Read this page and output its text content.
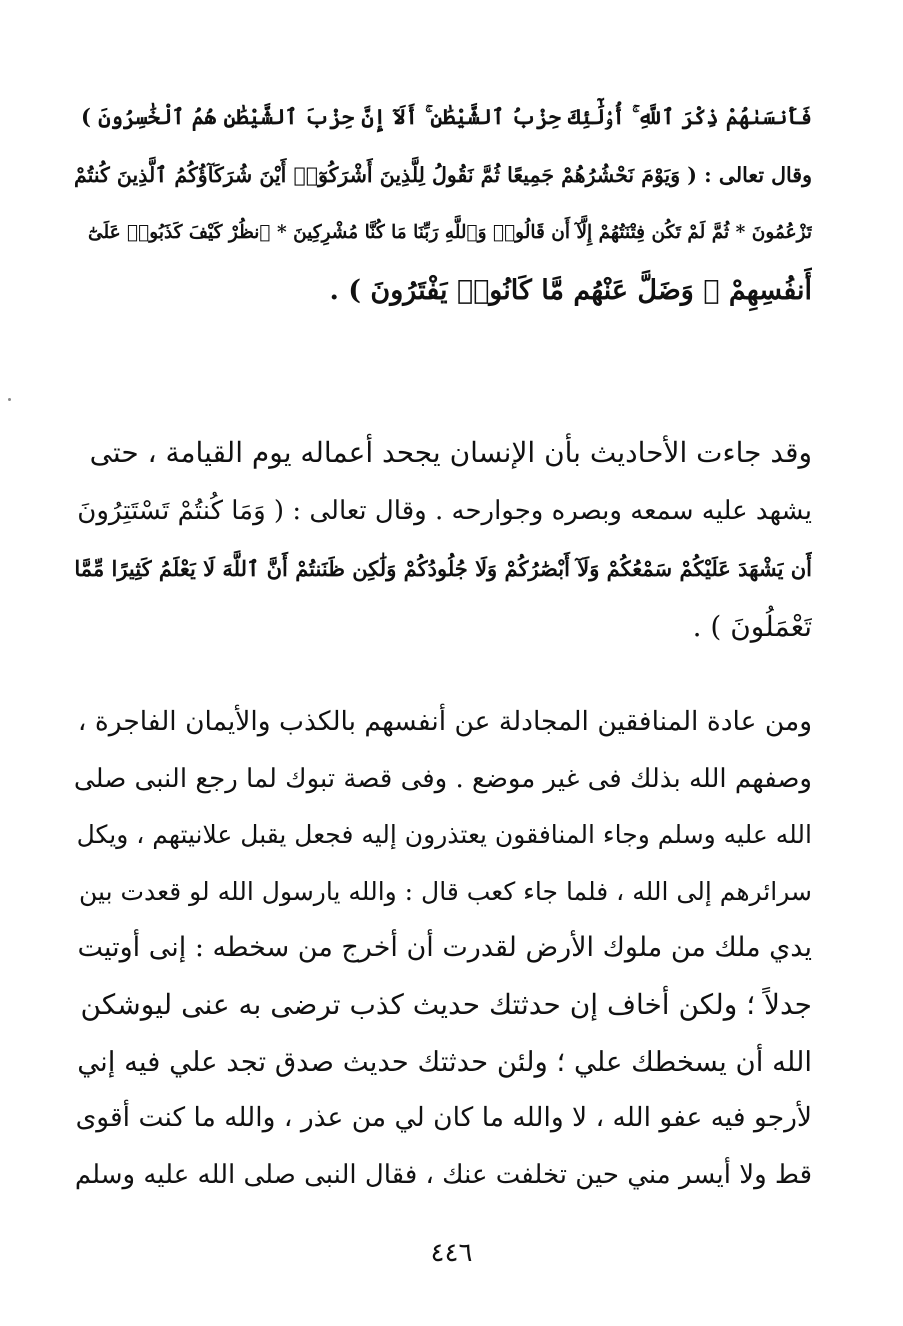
فَأَنسَىٰهُمْ ذِكْرَ ٱللَّهِ ۚ أُو۟لَٰٓئِكَ حِزْبُ ٱلشَّيْطَٰنِ ۚ أَلَآ إِنَّ حِزْبَ ٱلشَّيْطَٰنِ هُمُ ٱلْخَٰسِرُونَ )
وقال تعالى : ( وَيَوْمَ نَحْشُرُهُمْ جَمِيعًا ثُمَّ نَقُولُ لِلَّذِينَ أَشْرَكُوٓا۟ أَيْنَ شُرَكَآؤُكُمُ ٱلَّذِينَ كُنتُمْ
تَزْعُمُونَ * ثُمَّ لَمْ تَكُن فِتْنَتُهُمْ إِلَّآ أَن قَالُوا۟ وَٱللَّهِ رَبِّنَا مَا كُنَّا مُشْرِكِينَ * ٱنظُرْ كَيْفَ كَذَبُوا۟ عَلَىٰٓ
أَنفُسِهِمْ ۚ وَضَلَّ عَنْهُم مَّا كَانُوا۟ يَفْتَرُونَ ) .
وقد جاءت الأحاديث بأن الإنسان يجحد أعماله يوم القيامة ، حتى
يشهد عليه سمعه وبصره وجوارحه . وقال تعالى : ( وَمَا كُنتُمْ تَسْتَتِرُونَ
أَن يَشْهَدَ عَلَيْكُمْ سَمْعُكُمْ وَلَآ أَبْصَٰرُكُمْ وَلَا جُلُودُكُمْ وَلَٰكِن ظَنَنتُمْ أَنَّ ٱللَّهَ لَا يَعْلَمُ كَثِيرًا مِّمَّا
تَعْمَلُونَ ) .
ومن عادة المنافقين المجادلة عن أنفسهم بالكذب والأيمان الفاجرة ،
وصفهم الله بذلك فى غير موضع . وفى قصة تبوك لما رجع النبى صلى
الله عليه وسلم وجاء المنافقون يعتذرون إليه فجعل يقبل علانيتهم ، ويكل
سرائرهم إلى الله ، فلما جاء كعب قال : والله يارسول الله لو قعدت بين
يدي ملك من ملوك الأرض لقدرت أن أخرج من سخطه : إنى أوتيت
جدلاً ؛ ولكن أخاف إن حدثتك حديث كذب ترضى به عنى ليوشكن
الله أن يسخطك علي ؛ ولئن حدثتك حديث صدق تجد علي فيه إني
لأرجو فيه عفو الله ، لا والله ما كان لي من عذر ، والله ما كنت أقوى
قط ولا أيسر مني حين تخلفت عنك ، فقال النبى صلى الله عليه وسلم
٤٤٦
